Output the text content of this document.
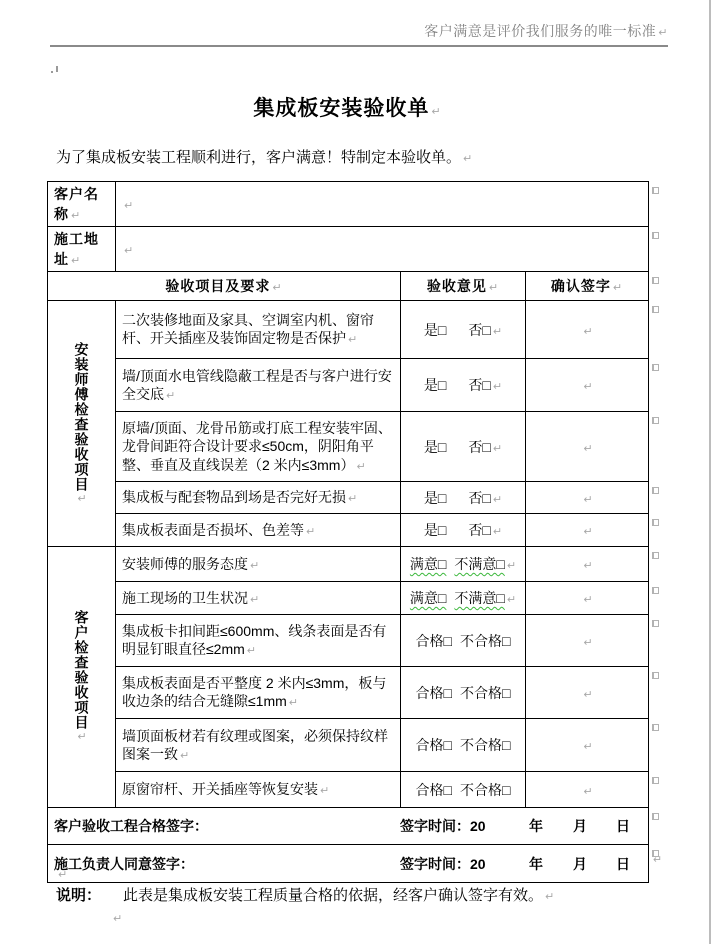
客户满意是评价我们服务的唯一标准 ↵
集成板安装验收单 ↵
为了集成板安装工程顺利进行，客户满意！特制定本验收单。 ↵
客户名称 ↵	↵		
施工地址 ↵	↵		
验收项目及要求 ↵		验收意见 ↵	确认签字 ↵
安装师傅检查验收项目↵	二次装修地面及家具、空调室内机、窗帘杆、开关插座及装饰固定物是否保护 ↵	是□ 否□ ↵	↵
	墙/顶面水电管线隐蔽工程是否与客户进行安全交底 ↵	是□ 否□ ↵	↵
	原墙/顶面、龙骨吊筋或打底工程安装牢固、龙骨间距符合设计要求≤50cm，阴阳角平整、垂直及直线误差（2 米内≤3mm） ↵	是□ 否□ ↵	↵
	集成板与配套物品到场是否完好无损 ↵	是□ 否□ ↵	↵
	集成板表面是否损坏、色差等 ↵	是□ 否□ ↵	↵
客户检查验收项目↵	安装师傅的服务态度 ↵	满意□ 不满意□ ↵	↵
	施工现场的卫生状况 ↵	满意□ 不满意□ ↵	↵
	集成板卡扣间距≤600mm、线条表面是否有明显钉眼直径≤2mm ↵	合格□ 不合格□	↵
	集成板表面是否平整度 2 米内≤3mm，板与收边条的结合无缝隙≤1mm ↵	合格□ 不合格□	↵
	墙顶面板材若有纹理或图案，必须保持纹样图案一致 ↵	合格□ 不合格□	↵
	原窗帘杆、开关插座等恢复安装 ↵	合格□ 不合格□	↵
客户验收工程合格签字： 签字时间：20 年 月 日			

施工负责人同意签字：	签字时间：20	年 月 日 ↵
↵
说明： 此表是集成板安装工程质量合格的依据，经客户确认签字有效。 ↵
↵
